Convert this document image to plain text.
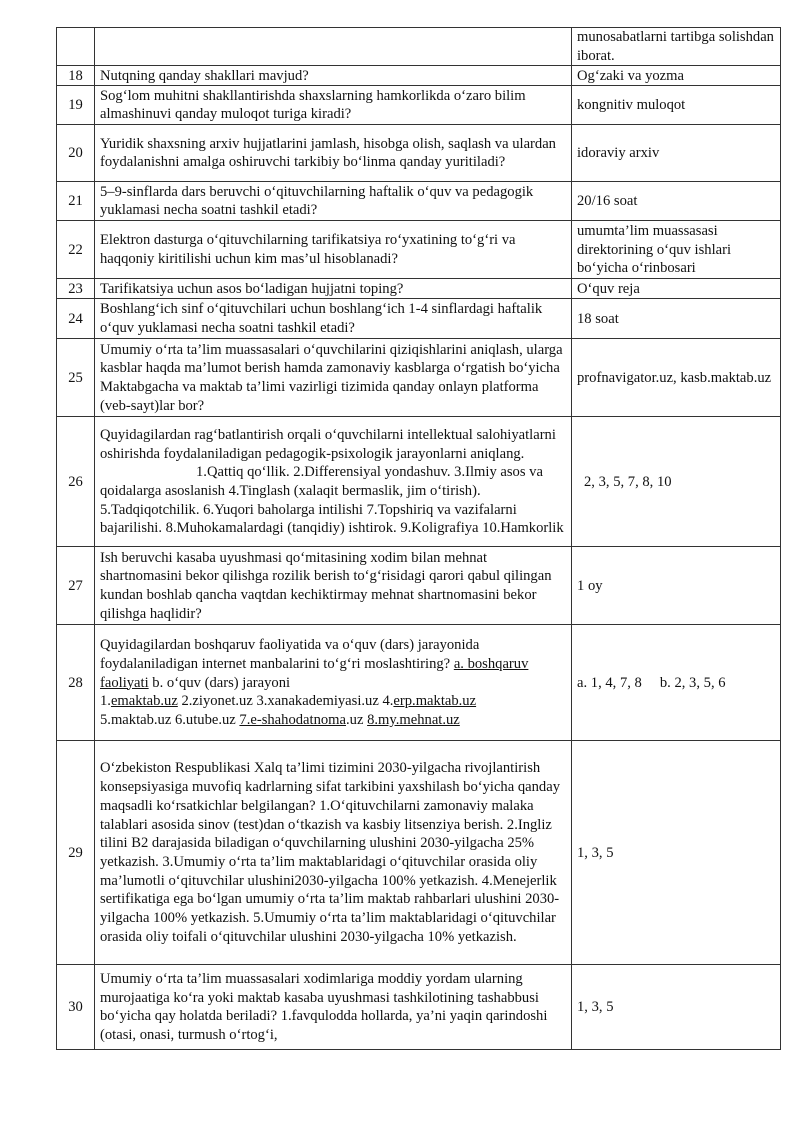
		munosabatlarni tartibga solishdan iborat.
18	Nutqning qanday shakllari mavjud?	Og‘zaki va yozma
19	Sog‘lom muhitni shakllantirishda shaxslarning hamkorlikda o‘zaro bilim almashinuvi qanday muloqot turiga kiradi?	kongnitiv muloqot
20	Yuridik shaxsning arxiv hujjatlarini jamlash, hisobga olish, saqlash va ulardan foydalanishni amalga oshiruvchi tarkibiy bo‘linma qanday yuritiladi?	idoraviy arxiv
21	5–9-sinflarda dars beruvchi o‘qituvchilarning haftalik o‘quv va pedagogik yuklamasi necha soatni tashkil etadi?	20/16 soat
22	Elektron dasturga o‘qituvchilarning tarifikatsiya ro‘yxatining to‘g‘ri va haqqoniy kiritilishi uchun kim mas’ul hisoblanadi?	umumta’lim muassasasi direktorining o‘quv ishlari bo‘yicha o‘rinbosari
23	Tarifikatsiya uchun asos bo‘ladigan hujjatni toping?	O‘quv reja
24	Boshlang‘ich sinf o‘qituvchilari uchun boshlang‘ich 1-4 sinflardagi haftalik o‘quv yuklamasi necha soatni tashkil etadi?	18 soat
25	Umumiy o‘rta ta’lim muassasalari o‘quvchilarini qiziqishlarini aniqlash, ularga kasblar haqda ma’lumot berish hamda zamonaviy kasblarga o‘rgatish bo‘yicha Maktabgacha va maktab ta’limi vazirligi tizimida qanday onlayn platforma (veb-sayt)lar bor?	profnavigator.uz, kasb.maktab.uz
26	Quyidagilardan rag‘batlantirish orqali o‘quvchilarni intellektual salohiyatlarni oshirishda foydalaniladigan pedagogik-psixologik jarayonlarni aniqlang.1.Qattiq qo‘llik. 2.Differensiyal yondashuv. 3.Ilmiy asos va qoidalarga asoslanish 4.Tinglash (xalaqit bermaslik, jim o‘tirish). 5.Tadqiqotchilik. 6.Yuqori baholarga intilishi 7.Topshiriq va vazifalarni bajarilishi. 8.Muhokamalardagi (tanqidiy) ishtirok. 9.Koligrafiya 10.Hamkorlik	2, 3, 5, 7, 8, 10
27	Ish beruvchi kasaba uyushmasi qo‘mitasining xodim bilan mehnat shartnomasini bekor qilishga rozilik berish to‘g‘risidagi qarori qabul qilingan kundan boshlab qancha vaqtdan kechiktirmay mehnat shartnomasini bekor qilishga haqlidir?	1 oy
28	Quyidagilardan boshqaruv faoliyatida va o‘quv (dars) jarayonida foydalaniladigan internet manbalarini to‘g‘ri moslashtiring? a. boshqaruv faoliyati b. o‘quv (dars) jarayoni
1.emaktab.uz 2.ziyonet.uz 3.xanakademiyasi.uz 4.erp.maktab.uz
5.maktab.uz 6.utube.uz 7.e-shahodatnoma.uz 8.my.mehnat.uz	a. 1, 4, 7, 8 b. 2, 3, 5, 6
29	O‘zbekiston Respublikasi Xalq ta’limi tizimini 2030-yilgacha rivojlantirish konsepsiyasiga muvofiq kadrlarning sifat tarkibini yaxshilash bo‘yicha qanday maqsadli ko‘rsatkichlar belgilangan? 1.O‘qituvchilarni zamonaviy malaka talablari asosida sinov (test)dan o‘tkazish va kasbiy litsenziya berish. 2.Ingliz tilini B2 darajasida biladigan o‘quvchilarning ulushini 2030-yilgacha 25% yetkazish. 3.Umumiy o‘rta ta’lim maktablaridagi o‘qituvchilar orasida oliy ma’lumotli o‘qituvchilar ulushini2030-yilgacha 100% yetkazish. 4.Menejerlik sertifikatiga ega bo‘lgan umumiy o‘rta ta’lim maktab rahbarlari ulushini 2030-yilgacha 100% yetkazish. 5.Umumiy o‘rta ta’lim maktablaridagi o‘qituvchilar orasida oliy toifali o‘qituvchilar ulushini 2030-yilgacha 10% yetkazish.	1, 3, 5
30	Umumiy o‘rta ta’lim muassasalari xodimlariga moddiy yordam ularning murojaatiga ko‘ra yoki maktab kasaba uyushmasi tashkilotining tashabbusi bo‘yicha qay holatda beriladi? 1.favqulodda hollarda, ya’ni yaqin qarindoshi (otasi, onasi, turmush o‘rtog‘i,	1, 3, 5
